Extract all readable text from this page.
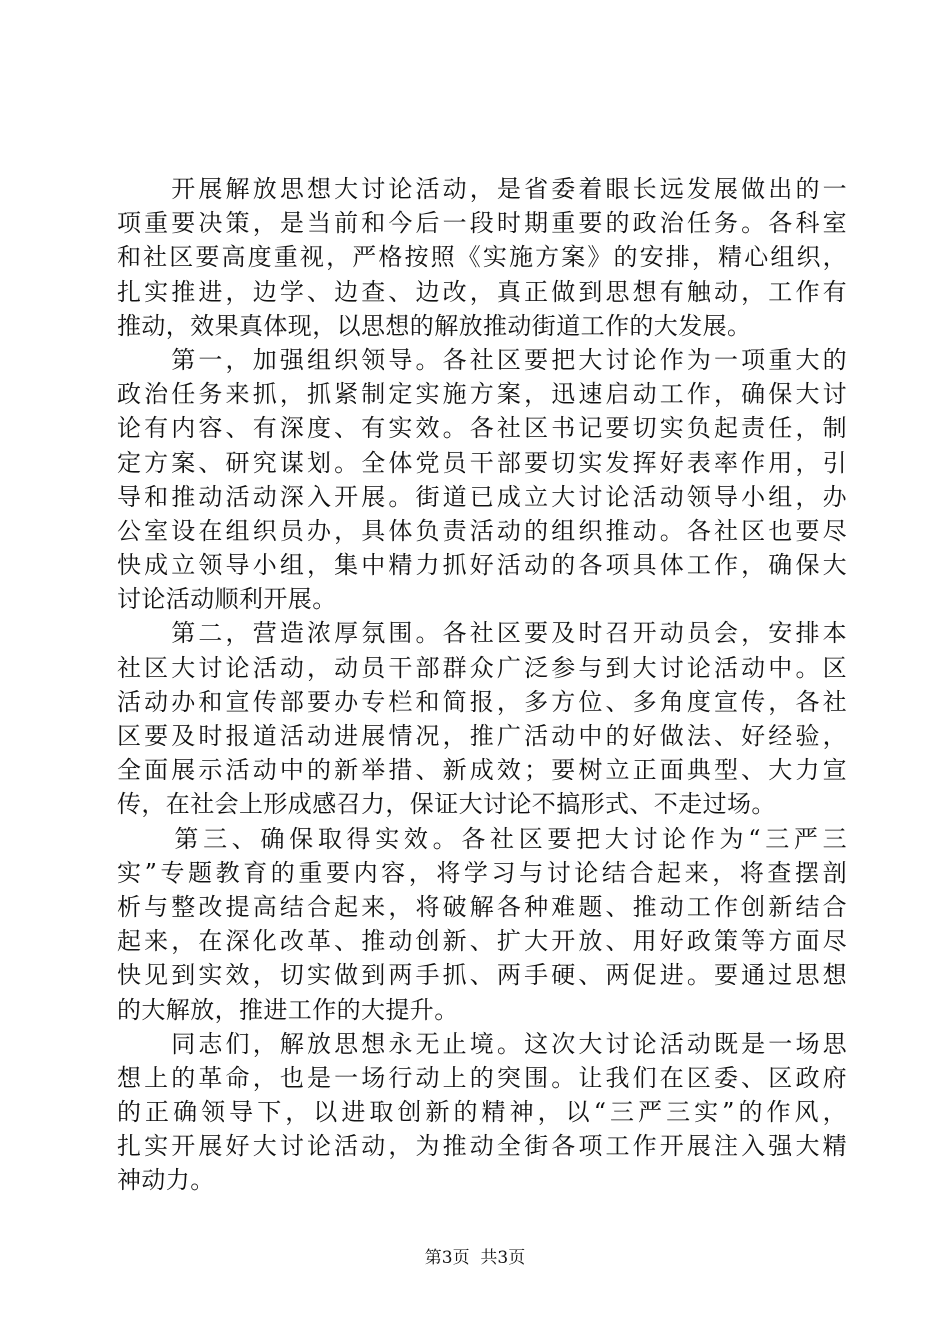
　　开展解放思想大讨论活动，是省委着眼长远发展做出的一
项重要决策，是当前和今后一段时期重要的政治任务。各科室
和社区要高度重视，严格按照《实施方案》的安排，精心组织，
扎实推进，边学、边查、边改，真正做到思想有触动，工作有
推动，效果真体现，以思想的解放推动街道工作的大发展。
　　第一，加强组织领导。各社区要把大讨论作为一项重大的
政治任务来抓，抓紧制定实施方案，迅速启动工作，确保大讨
论有内容、有深度、有实效。各社区书记要切实负起责任，制
定方案、研究谋划。全体党员干部要切实发挥好表率作用，引
导和推动活动深入开展。街道已成立大讨论活动领导小组，办
公室设在组织员办，具体负责活动的组织推动。各社区也要尽
快成立领导小组，集中精力抓好活动的各项具体工作，确保大
讨论活动顺利开展。
　　第二，营造浓厚氛围。各社区要及时召开动员会，安排本
社区大讨论活动，动员干部群众广泛参与到大讨论活动中。区
活动办和宣传部要办专栏和简报，多方位、多角度宣传，各社
区要及时报道活动进展情况，推广活动中的好做法、好经验，
全面展示活动中的新举措、新成效；要树立正面典型、大力宣
传，在社会上形成感召力，保证大讨论不搞形式、不走过场。
　　第三、确保取得实效。各社区要把大讨论作为“三严三
实”专题教育的重要内容，将学习与讨论结合起来，将查摆剖
析与整改提高结合起来，将破解各种难题、推动工作创新结合
起来，在深化改革、推动创新、扩大开放、用好政策等方面尽
快见到实效，切实做到两手抓、两手硬、两促进。要通过思想
的大解放，推进工作的大提升。
　　同志们，解放思想永无止境。这次大讨论活动既是一场思
想上的革命，也是一场行动上的突围。让我们在区委、区政府
的正确领导下，以进取创新的精神，以“三严三实”的作风，
扎实开展好大讨论活动，为推动全街各项工作开展注入强大精
神动力。
第3页  共3页
